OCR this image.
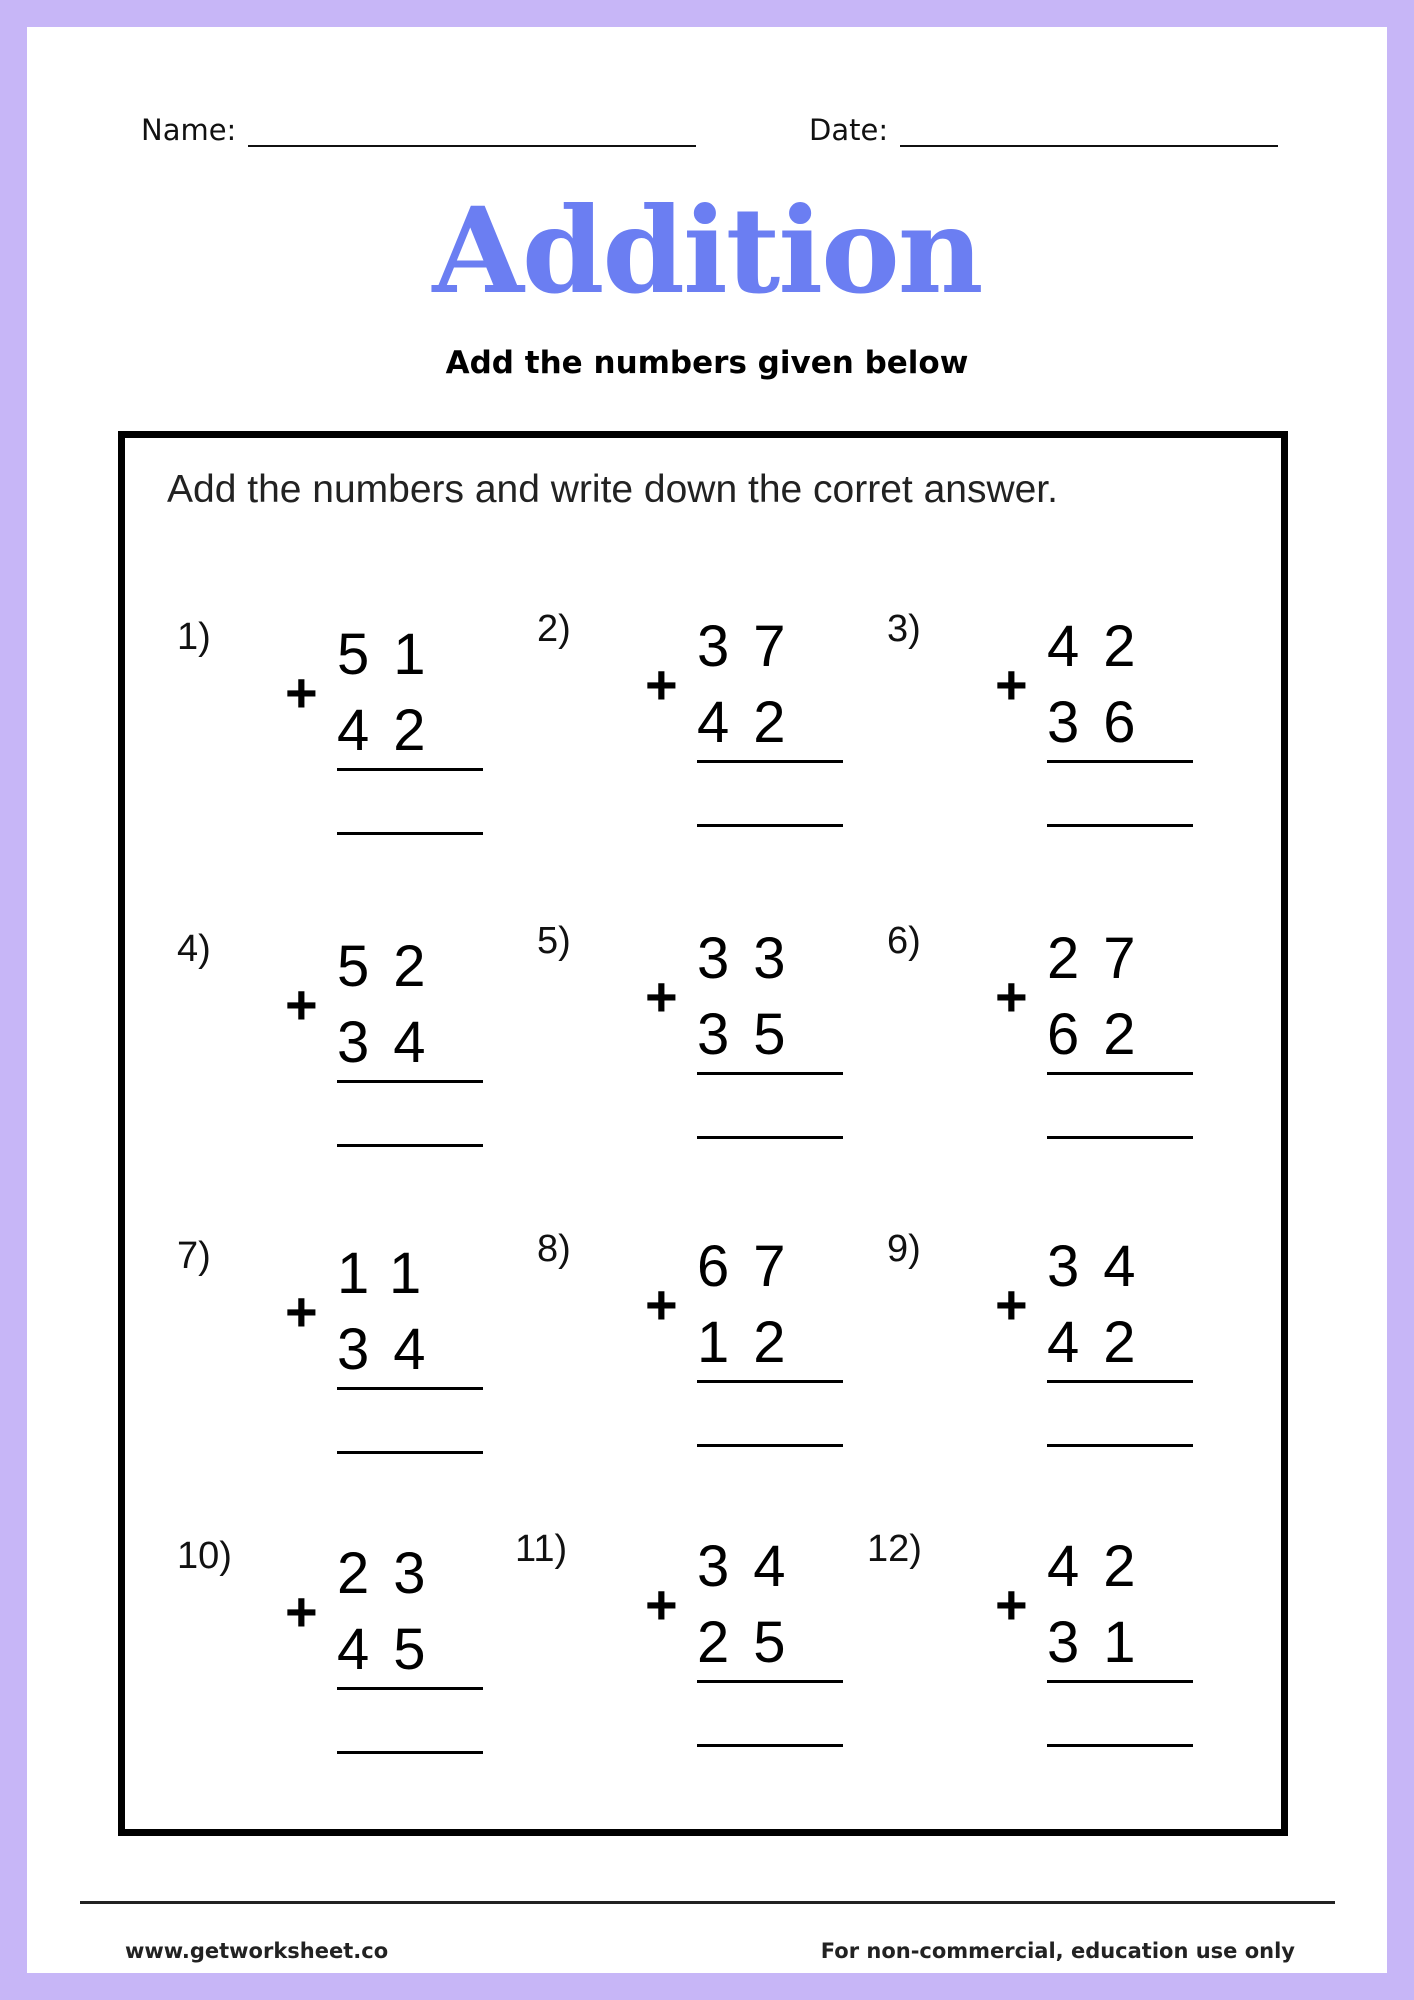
Name:	Date:
Addition
Add the numbers given below
Add the numbers and write down the corret answer.
1)
+
51
42
2)
+
37
42
3)
+
42
36
4)
+
52
34
5)
+
33
35
6)
+
27
62
7)
+
11
34
8)
+
67
12
9)
+
34
42
10)
+
23
45
11)
+
34
25
12)
+
42
31
www.getworksheet.co	For non-commercial, education use only
